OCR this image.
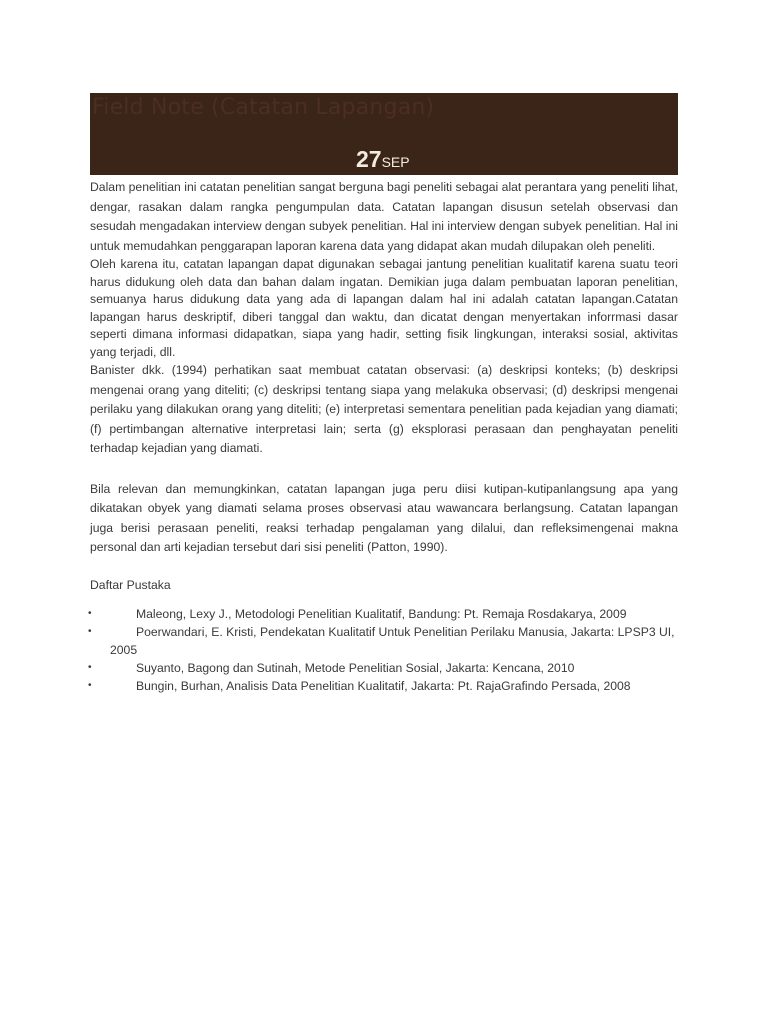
Field Note (Catatan Lapangan)
27SEP

Dalam penelitian ini catatan penelitian sangat berguna bagi peneliti sebagai alat perantara yang peneliti lihat, dengar, rasakan dalam rangka pengumpulan data. Catatan lapangan disusun setelah observasi dan sesudah mengadakan interview dengan subyek penelitian. Hal ini interview dengan subyek penelitian. Hal ini untuk memudahkan penggarapan laporan karena data yang didapat akan mudah dilupakan oleh peneliti.

Oleh karena itu, catatan lapangan dapat digunakan sebagai jantung penelitian kualitatif karena suatu teori harus didukung oleh data dan bahan dalam ingatan. Demikian juga dalam pembuatan laporan penelitian, semuanya harus didukung data yang ada di lapangan dalam hal ini adalah catatan lapangan.Catatan lapangan harus deskriptif, diberi tanggal dan waktu, dan dicatat dengan menyertakan inforrmasi dasar seperti dimana informasi didapatkan, siapa yang hadir, setting fisik lingkungan, interaksi sosial, aktivitas yang terjadi, dll.

Banister dkk. (1994) perhatikan saat membuat catatan observasi: (a) deskripsi konteks; (b) deskripsi mengenai orang yang diteliti; (c) deskripsi tentang siapa yang melakuka observasi; (d) deskripsi mengenai perilaku yang dilakukan orang yang diteliti; (e) interpretasi sementara penelitian pada kejadian yang diamati;(f) pertimbangan alternative interpretasi lain; serta (g) eksplorasi perasaan dan penghayatan peneliti terhadap kejadian yang diamati.

Bila relevan dan memungkinkan, catatan lapangan juga peru diisi kutipan-kutipanlangsung apa yang dikatakan obyek yang diamati selama proses observasi atau wawancara berlangsung. Catatan lapangan juga berisi perasaan peneliti, reaksi terhadap pengalaman yang dilalui, dan refleksimengenai makna personal dan arti kejadian tersebut dari sisi peneliti (Patton, 1990).

Daftar Pustaka

•	Maleong, Lexy J., Metodologi Penelitian Kualitatif, Bandung: Pt. Remaja Rosdakarya, 2009
•	Poerwandari, E. Kristi, Pendekatan Kualitatif Untuk Penelitian Perilaku Manusia, Jakarta: LPSP3 UI, 2005
•	Suyanto, Bagong dan Sutinah, Metode Penelitian Sosial, Jakarta: Kencana, 2010
•	Bungin, Burhan, Analisis Data Penelitian Kualitatif, Jakarta: Pt. RajaGrafindo Persada, 2008
